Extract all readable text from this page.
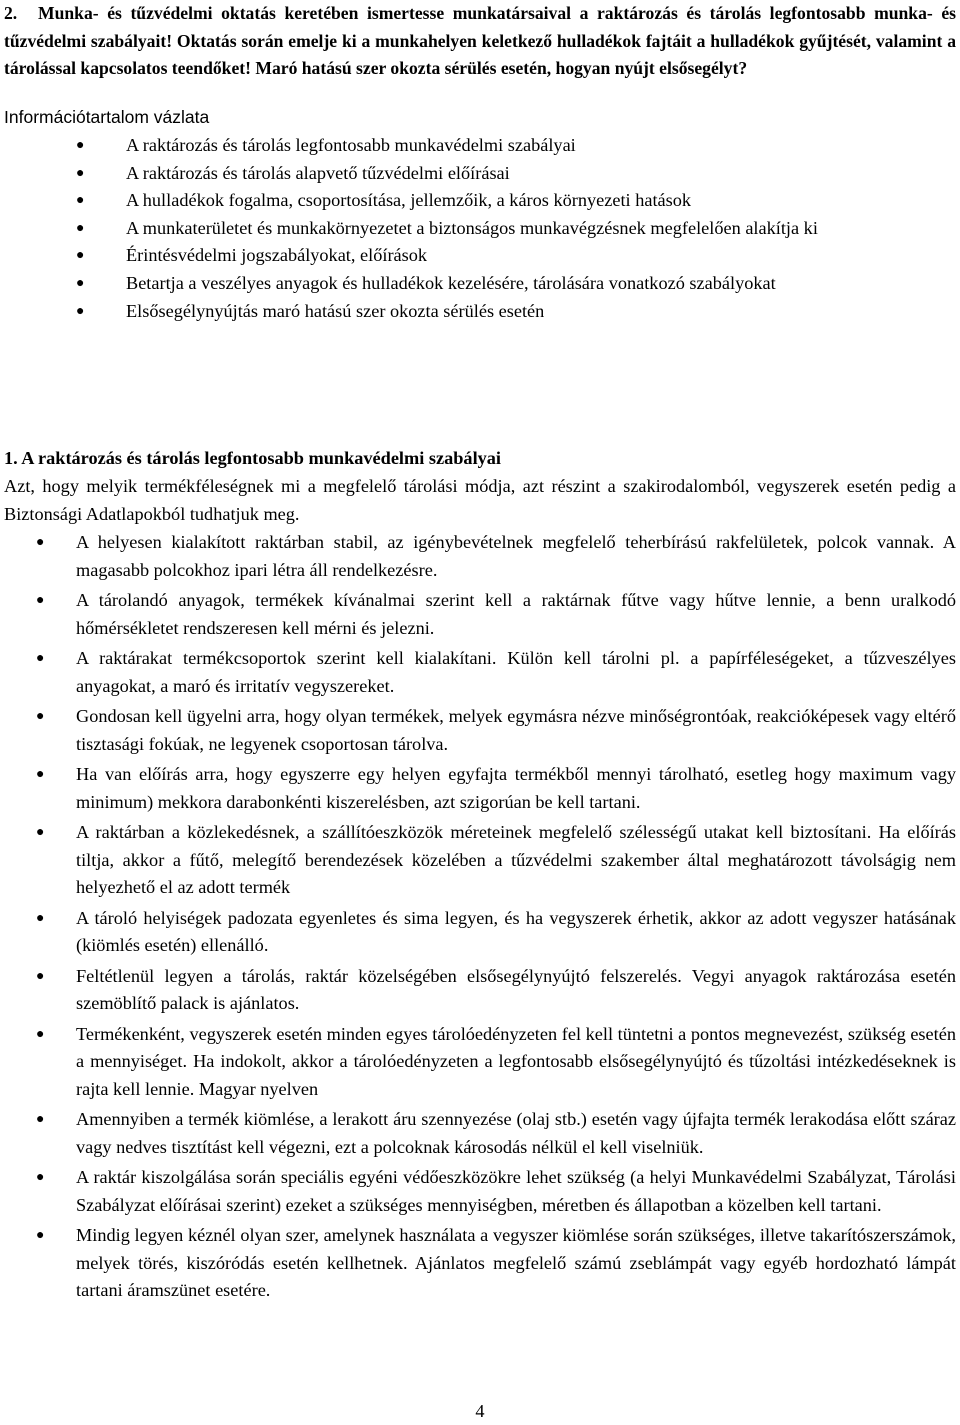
2. Munka- és tűzvédelmi oktatás keretében ismertesse munkatársaival a raktározás és tárolás legfontosabb munka- és tűzvédelmi szabályait! Oktatás során emelje ki a munkahelyen keletkező hulladékok fajtáit a hulladékok gyűjtését, valamint a tárolással kapcsolatos teendőket! Maró hatású szer okozta sérülés esetén, hogyan nyújt elsősegélyt?

Információtartalom vázlata

● A raktározás és tárolás legfontosabb munkavédelmi szabályai
● A raktározás és tárolás alapvető tűzvédelmi előírásai
● A hulladékok fogalma, csoportosítása, jellemzőik, a káros környezeti hatások
● A munkaterületet és munkakörnyezetet a biztonságos munkavégzésnek megfelelően alakítja ki
● Érintésvédelmi jogszabályokat, előírások
● Betartja a veszélyes anyagok és hulladékok kezelésére, tárolására vonatkozó szabályokat
● Elsősegélynyújtás maró hatású szer okozta sérülés esetén

1. A raktározás és tárolás legfontosabb munkavédelmi szabályai

Azt, hogy melyik termékféleségnek mi a megfelelő tárolási módja, azt részint a szakirodalomból, vegyszerek esetén pedig a Biztonsági Adatlapokból tudhatjuk meg.

● A helyesen kialakított raktárban stabil, az igénybevételnek megfelelő teherbírású rakfelületek, polcok vannak. A magasabb polcokhoz ipari létra áll rendelkezésre.
● A tárolandó anyagok, termékek kívánalmai szerint kell a raktárnak fűtve vagy hűtve lennie, a benn uralkodó hőmérsékletet rendszeresen kell mérni és jelezni.
● A raktárakat termékcsoportok szerint kell kialakítani. Külön kell tárolni pl. a papírféleségeket, a tűzveszélyes anyagokat, a maró és irritatív vegyszereket.
● Gondosan kell ügyelni arra, hogy olyan termékek, melyek egymásra nézve minőségrontóak, reakcióképesek vagy eltérő tisztasági fokúak, ne legyenek csoportosan tárolva.
● Ha van előírás arra, hogy egyszerre egy helyen egyfajta termékből mennyi tárolható, esetleg hogy maximum vagy minimum) mekkora darabonkénti kiszerelésben, azt szigorúan be kell tartani.
● A raktárban a közlekedésnek, a szállítóeszközök méreteinek megfelelő szélességű utakat kell biztosítani. Ha előírás tiltja, akkor a fűtő, melegítő berendezések közelében a tűzvédelmi szakember által meghatározott távolságig nem helyezhető el az adott termék
● A tároló helyiségek padozata egyenletes és sima legyen, és ha vegyszerek érhetik, akkor az adott vegyszer hatásának (kiömlés esetén) ellenálló.
● Feltétlenül legyen a tárolás, raktár közelségében elsősegélynyújtó felszerelés. Vegyi anyagok raktározása esetén szemöblítő palack is ajánlatos.
● Termékenként, vegyszerek esetén minden egyes tárolóedényzeten fel kell tüntetni a pontos megnevezést, szükség esetén a mennyiséget. Ha indokolt, akkor a tárolóedényzeten a legfontosabb elsősegélynyújtó és tűzoltási intézkedéseknek is rajta kell lennie. Magyar nyelven
● Amennyiben a termék kiömlése, a lerakott áru szennyezése (olaj stb.) esetén vagy újfajta termék lerakodása előtt száraz vagy nedves tisztítást kell végezni, ezt a polcoknak károsodás nélkül el kell viselniük.
● A raktár kiszolgálása során speciális egyéni védőeszközökre lehet szükség (a helyi Munkavédelmi Szabályzat, Tárolási Szabályzat előírásai szerint) ezeket a szükséges mennyiségben, méretben és állapotban a közelben kell tartani.
● Mindig legyen kéznél olyan szer, amelynek használata a vegyszer kiömlése során szükséges, illetve takarítószerszámok, melyek törés, kiszóródás esetén kellhetnek. Ajánlatos megfelelő számú zseblámpát vagy egyéb hordozható lámpát tartani áramszünet esetére.

4
